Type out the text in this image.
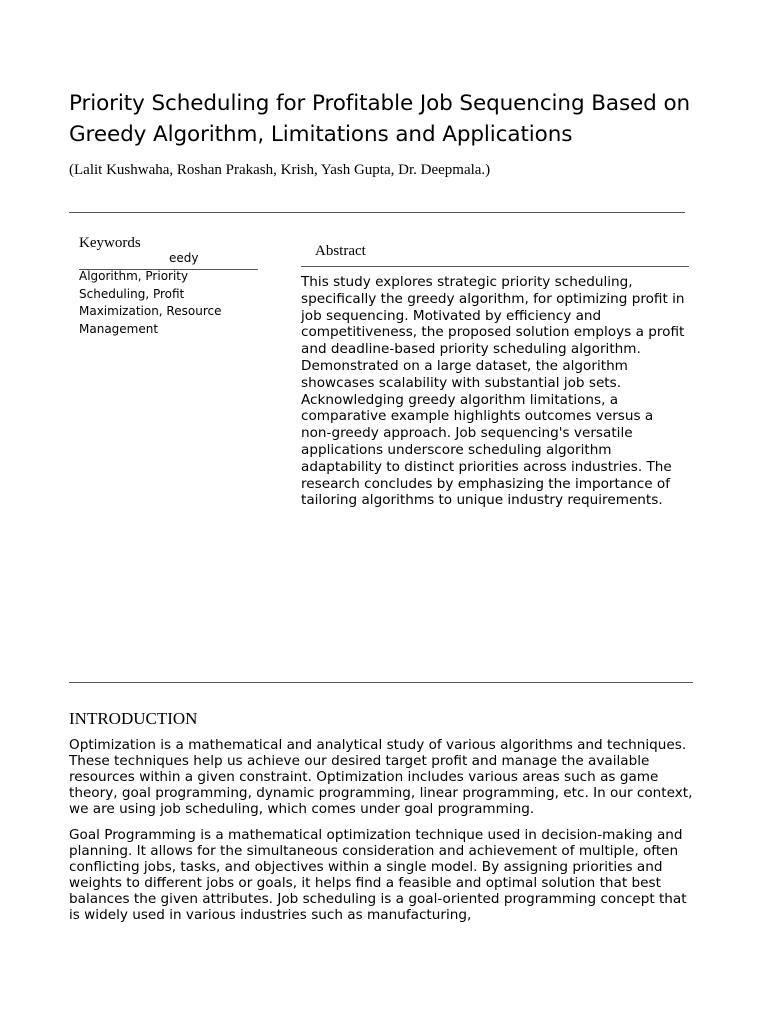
Priority Scheduling for Profitable Job Sequencing Based on Greedy Algorithm, Limitations and Applications

(Lalit Kushwaha, Roshan Prakash, Krish, Yash Gupta, Dr. Deepmala.)

Keywords

eedy
Algorithm, Priority Scheduling, Profit Maximization, Resource Management

Abstract

This study explores strategic priority scheduling, specifically the greedy algorithm, for optimizing profit in job sequencing. Motivated by efficiency and competitiveness, the proposed solution employs a profit and deadline-based priority scheduling algorithm. Demonstrated on a large dataset, the algorithm showcases scalability with substantial job sets. Acknowledging greedy algorithm limitations, a comparative example highlights outcomes versus a non-greedy approach. Job sequencing's versatile applications underscore scheduling algorithm adaptability to distinct priorities across industries. The research concludes by emphasizing the importance of tailoring algorithms to unique industry requirements.

INTRODUCTION

Optimization is a mathematical and analytical study of various algorithms and techniques. These techniques help us achieve our desired target profit and manage the available resources within a given constraint. Optimization includes various areas such as game theory, goal programming, dynamic programming, linear programming, etc. In our context, we are using job scheduling, which comes under goal programming.

Goal Programming is a mathematical optimization technique used in decision-making and planning. It allows for the simultaneous consideration and achievement of multiple, often conflicting jobs, tasks, and objectives within a single model. By assigning priorities and weights to different jobs or goals, it helps find a feasible and optimal solution that best balances the given attributes. Job scheduling is a goal-oriented programming concept that is widely used in various industries such as manufacturing,
